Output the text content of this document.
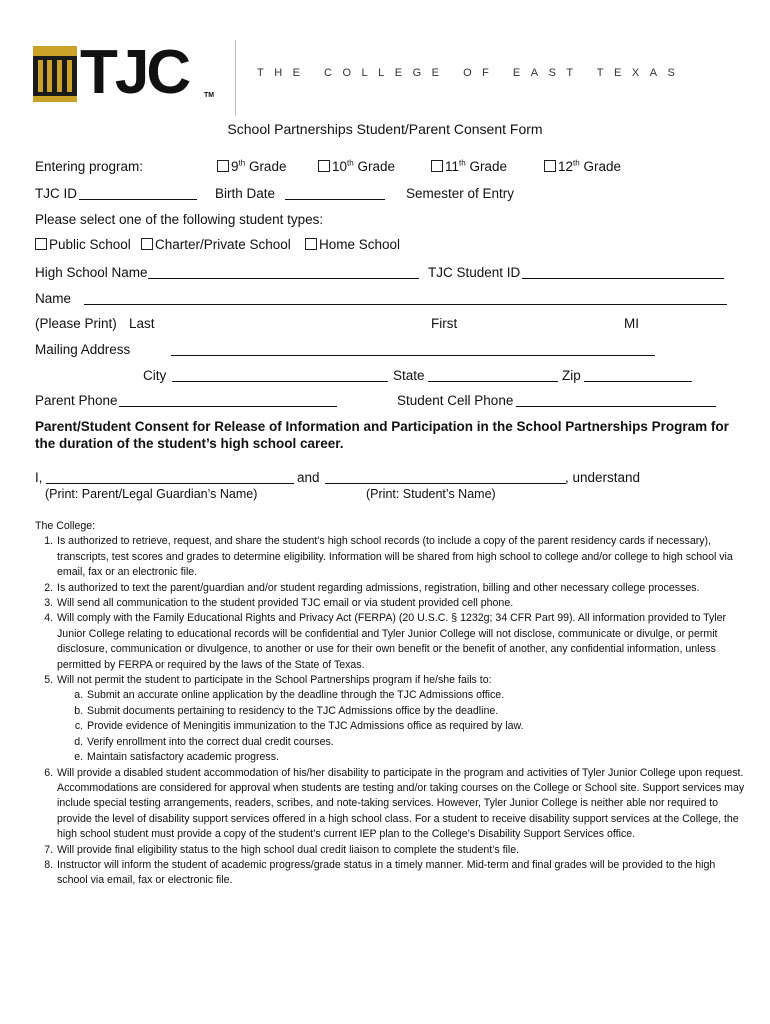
TJC TM
THE COLLEGE OF EAST TEXAS
School Partnerships Student/Parent Consent Form
Entering program:	9th Grade	10th Grade	11th Grade	12th Grade
TJC ID	Birth Date	Semester of Entry
Please select one of the following student types:
Public School	Charter/Private School	Home School
High School Name	TJC Student ID
Name
(Please Print) Last	First	MI
Mailing Address
City	State	Zip
Parent Phone	Student Cell Phone
Parent/Student Consent for Release of Information and Participation in the School Partnerships Program for the duration of the student’s high school career.
I,	and	, understand
(Print: Parent/Legal Guardian’s Name)	(Print: Student’s Name)

The College:

1. Is authorized to retrieve, request, and share the student’s high school records (to include a copy of the parent residency cards if necessary), transcripts, test scores and grades to determine eligibility. Information will be shared from high school to college and/or college to high school via email, fax or an electronic file.
2. Is authorized to text the parent/guardian and/or student regarding admissions, registration, billing and other necessary college processes.
3. Will send all communication to the student provided TJC email or via student provided cell phone.
4. Will comply with the Family Educational Rights and Privacy Act (FERPA) (20 U.S.C. § 1232g; 34 CFR Part 99). All information provided to Tyler Junior College relating to educational records will be confidential and Tyler Junior College will not disclose, communicate or divulge, or permit disclosure, communication or divulgence, to another or use for their own benefit or the benefit of another, any confidential information, unless permitted by FERPA or required by the laws of the State of Texas.
5. Will not permit the student to participate in the School Partnerships program if he/she fails to:
a. Submit an accurate online application by the deadline through the TJC Admissions office.
b. Submit documents pertaining to residency to the TJC Admissions office by the deadline.
c. Provide evidence of Meningitis immunization to the TJC Admissions office as required by law.
d. Verify enrollment into the correct dual credit courses.
e. Maintain satisfactory academic progress.
6. Will provide a disabled student accommodation of his/her disability to participate in the program and activities of Tyler Junior College upon request. Accommodations are considered for approval when students are testing and/or taking courses on the College or School site. Support services may include special testing arrangements, readers, scribes, and note-taking services. However, Tyler Junior College is neither able nor required to provide the level of disability support services offered in a high school class. For a student to receive disability support services at the College, the high school student must provide a copy of the student’s current IEP plan to the College’s Disability Support Services office.
7. Will provide final eligibility status to the high school dual credit liaison to complete the student’s file.
8. Instructor will inform the student of academic progress/grade status in a timely manner. Mid-term and final grades will be provided to the high school via email, fax or electronic file.
